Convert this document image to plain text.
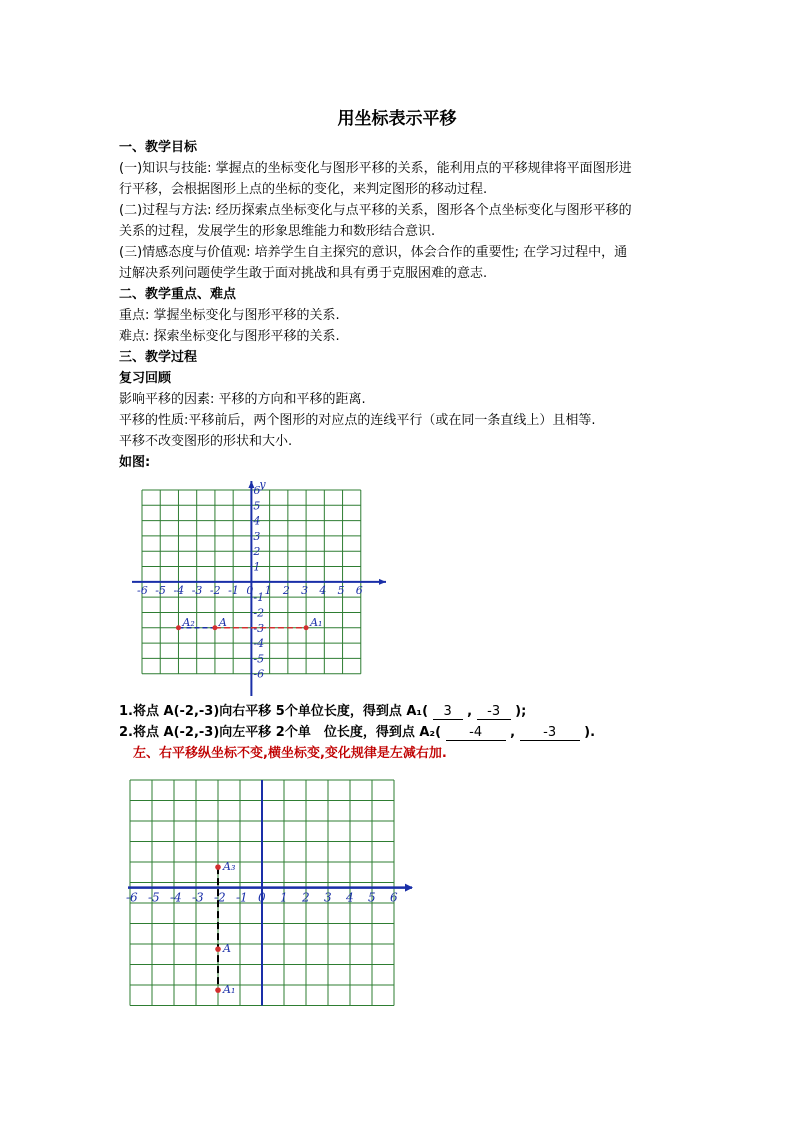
用坐标表示平移
一、教学目标
(一)知识与技能: 掌握点的坐标变化与图形平移的关系，能利用点的平移规律将平面图形进
行平移，会根据图形上点的坐标的变化，来判定图形的移动过程.
(二)过程与方法: 经历探索点坐标变化与点平移的关系，图形各个点坐标变化与图形平移的
关系的过程，发展学生的形象思维能力和数形结合意识.
(三)情感态度与价值观: 培养学生自主探究的意识，体会合作的重要性; 在学习过程中，通
过解决系列问题使学生敢于面对挑战和具有勇于克服困难的意志.
二、教学重点、难点
重点: 掌握坐标变化与图形平移的关系.
难点: 探索坐标变化与图形平移的关系.
三、教学过程
复习回顾
影响平移的因素: 平移的方向和平移的距离.
平移的性质:平移前后，两个图形的对应点的连线平行（或在同一条直线上）且相等.
平移不改变图形的形状和大小.
如图:
y
-6 -5 -4 -3 -2 -1 0 1 2 3 4 5 6
6
5
4
3
2
1
-1
-2
-3
-4
-5
-6
A₂ A	A₁
1.将点 A(-2,-3)向右平移 5个单位长度，得到点 A₁( 3 , -3 );
2.将点 A(-2,-3)向左平移 2个单　位长度，得到点 A₂( -4 , -3 ).
左、右平移纵坐标不变,横坐标变,变化规律是左减右加.
-6 -5 -4 -3 -2 -1 0 1 2 3 4 5 6
A₃
A
A₁
